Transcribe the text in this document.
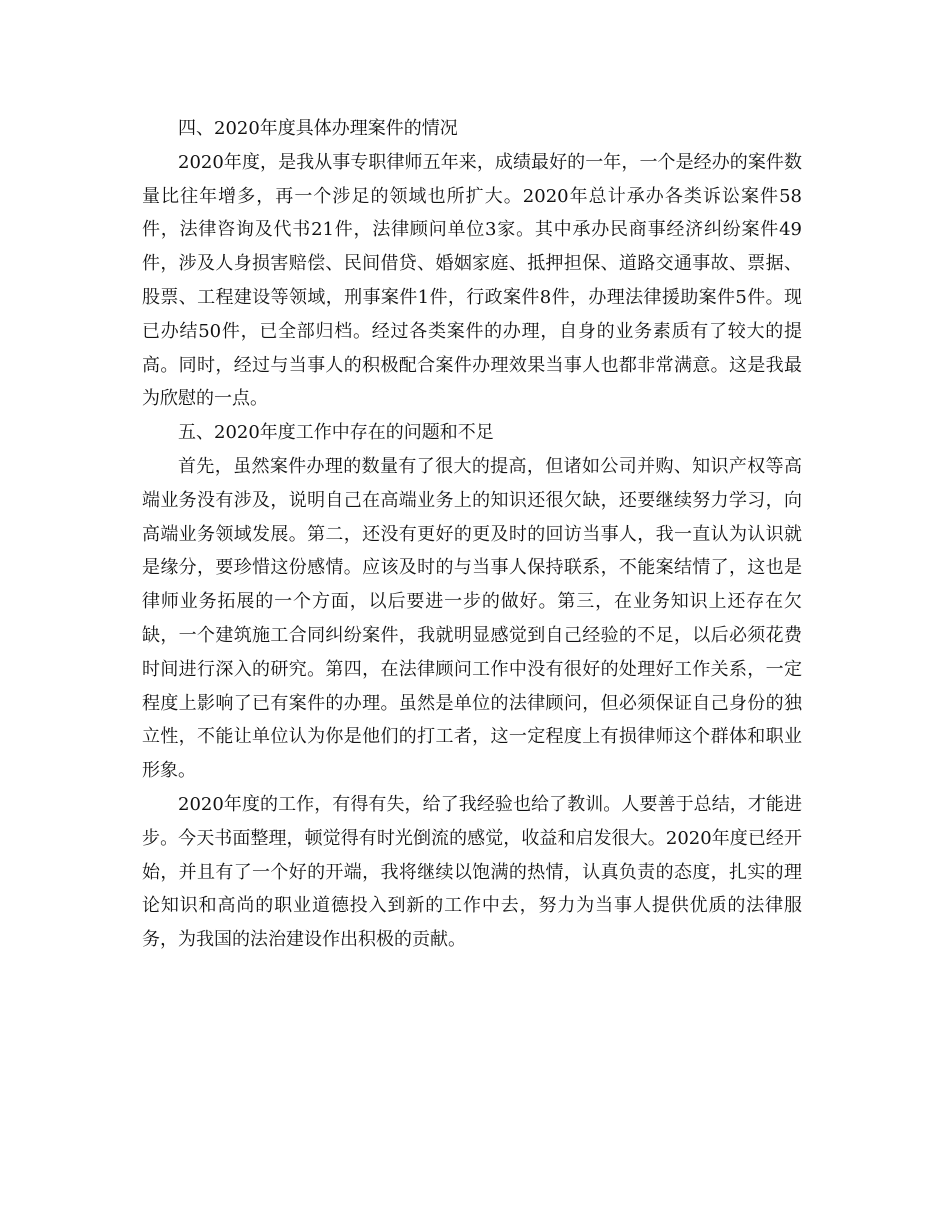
四、2020年度具体办理案件的情况

2020年度，是我从事专职律师五年来，成绩最好的一年，一个是经办的案件数量比往年增多，再一个涉足的领域也所扩大。2020年总计承办各类诉讼案件58件，法律咨询及代书21件，法律顾问单位3家。其中承办民商事经济纠纷案件49件，涉及人身损害赔偿、民间借贷、婚姻家庭、抵押担保、道路交通事故、票据、股票、工程建设等领域，刑事案件1件，行政案件8件，办理法律援助案件5件。现已办结50件，已全部归档。经过各类案件的办理，自身的业务素质有了较大的提高。同时，经过与当事人的积极配合案件办理效果当事人也都非常满意。这是我最为欣慰的一点。

五、2020年度工作中存在的问题和不足

首先，虽然案件办理的数量有了很大的提高，但诸如公司并购、知识产权等高端业务没有涉及，说明自己在高端业务上的知识还很欠缺，还要继续努力学习，向高端业务领域发展。第二，还没有更好的更及时的回访当事人，我一直认为认识就是缘分，要珍惜这份感情。应该及时的与当事人保持联系，不能案结情了，这也是律师业务拓展的一个方面，以后要进一步的做好。第三，在业务知识上还存在欠缺，一个建筑施工合同纠纷案件，我就明显感觉到自己经验的不足，以后必须花费时间进行深入的研究。第四，在法律顾问工作中没有很好的处理好工作关系，一定程度上影响了已有案件的办理。虽然是单位的法律顾问，但必须保证自己身份的独立性，不能让单位认为你是他们的打工者，这一定程度上有损律师这个群体和职业形象。

2020年度的工作，有得有失，给了我经验也给了教训。人要善于总结，才能进步。今天书面整理，顿觉得有时光倒流的感觉，收益和启发很大。2020年度已经开始，并且有了一个好的开端，我将继续以饱满的热情，认真负责的态度，扎实的理论知识和高尚的职业道德投入到新的工作中去，努力为当事人提供优质的法律服务，为我国的法治建设作出积极的贡献。
